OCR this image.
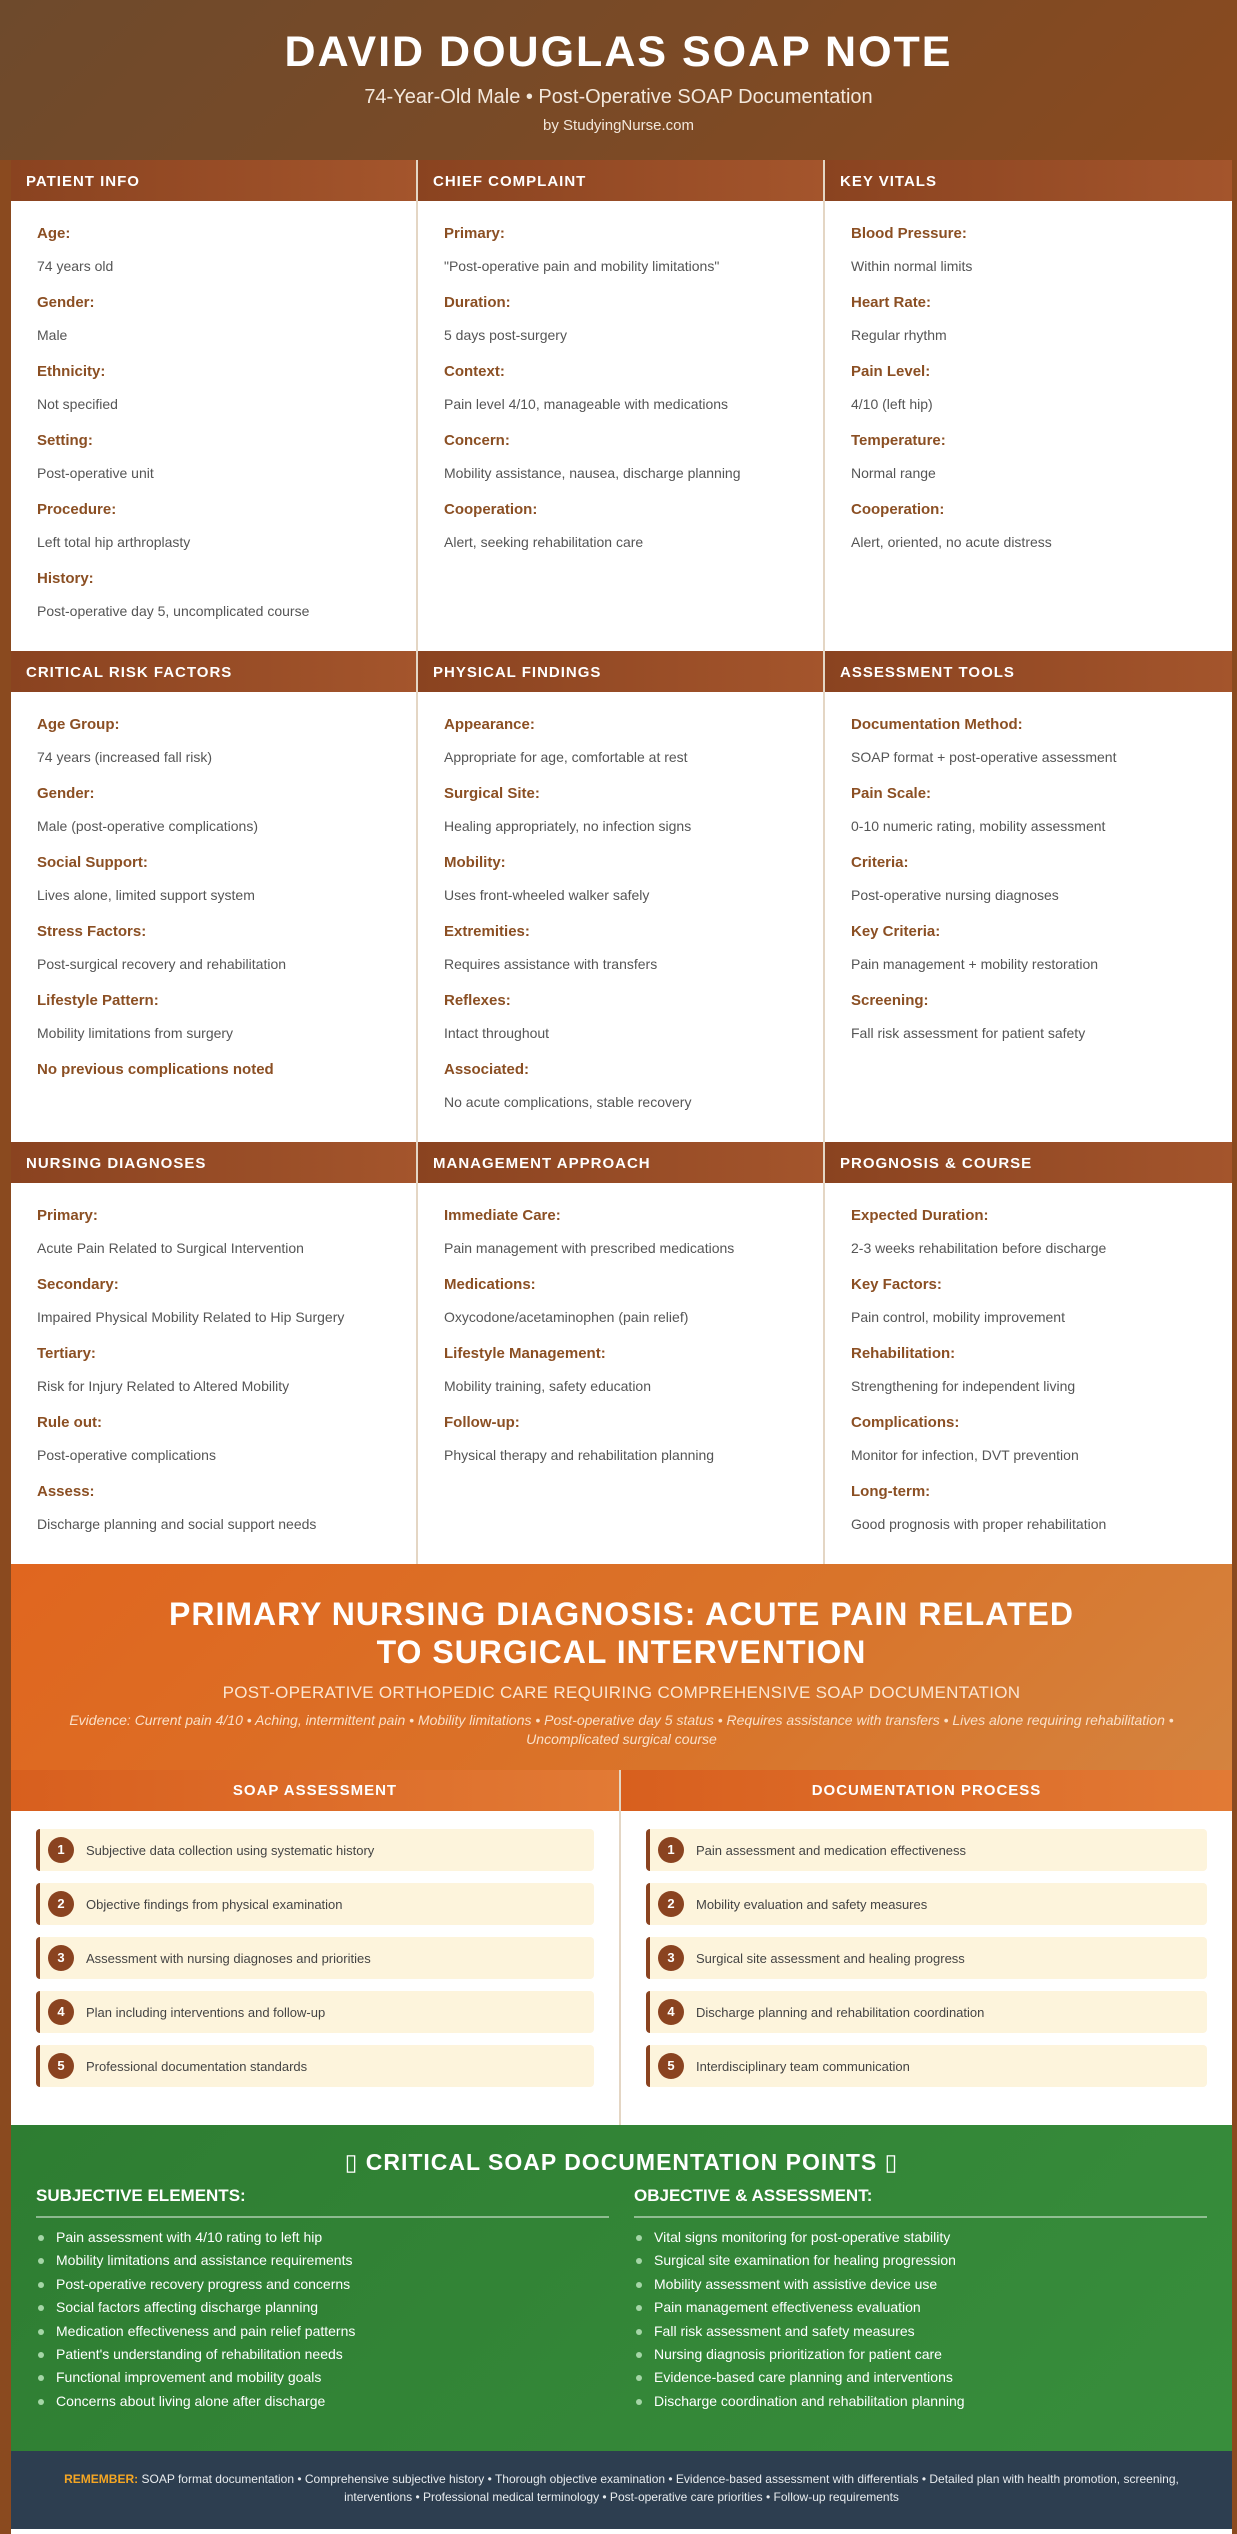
DAVID DOUGLAS SOAP NOTE
74-Year-Old Male • Post-Operative SOAP Documentation
by StudyingNurse.com
PATIENT INFO
Age:
74 years old
Gender:
Male
Ethnicity:
Not specified
Setting:
Post-operative unit
Procedure:
Left total hip arthroplasty
History:
Post-operative day 5, uncomplicated course
CHIEF COMPLAINT
Primary:
"Post-operative pain and mobility limitations"
Duration:
5 days post-surgery
Context:
Pain level 4/10, manageable with medications
Concern:
Mobility assistance, nausea, discharge planning
Cooperation:
Alert, seeking rehabilitation care
KEY VITALS
Blood Pressure:
Within normal limits
Heart Rate:
Regular rhythm
Pain Level:
4/10 (left hip)
Temperature:
Normal range
Cooperation:
Alert, oriented, no acute distress
CRITICAL RISK FACTORS
Age Group:
74 years (increased fall risk)
Gender:
Male (post-operative complications)
Social Support:
Lives alone, limited support system
Stress Factors:
Post-surgical recovery and rehabilitation
Lifestyle Pattern:
Mobility limitations from surgery
No previous complications noted
PHYSICAL FINDINGS
Appearance:
Appropriate for age, comfortable at rest
Surgical Site:
Healing appropriately, no infection signs
Mobility:
Uses front-wheeled walker safely
Extremities:
Requires assistance with transfers
Reflexes:
Intact throughout
Associated:
No acute complications, stable recovery
ASSESSMENT TOOLS
Documentation Method:
SOAP format + post-operative assessment
Pain Scale:
0-10 numeric rating, mobility assessment
Criteria:
Post-operative nursing diagnoses
Key Criteria:
Pain management + mobility restoration
Screening:
Fall risk assessment for patient safety
NURSING DIAGNOSES
Primary:
Acute Pain Related to Surgical Intervention
Secondary:
Impaired Physical Mobility Related to Hip Surgery
Tertiary:
Risk for Injury Related to Altered Mobility
Rule out:
Post-operative complications
Assess:
Discharge planning and social support needs
MANAGEMENT APPROACH
Immediate Care:
Pain management with prescribed medications
Medications:
Oxycodone/acetaminophen (pain relief)
Lifestyle Management:
Mobility training, safety education
Follow-up:
Physical therapy and rehabilitation planning
PROGNOSIS & COURSE
Expected Duration:
2-3 weeks rehabilitation before discharge
Key Factors:
Pain control, mobility improvement
Rehabilitation:
Strengthening for independent living
Complications:
Monitor for infection, DVT prevention
Long-term:
Good prognosis with proper rehabilitation
PRIMARY NURSING DIAGNOSIS: ACUTE PAIN RELATED TO SURGICAL INTERVENTION
POST-OPERATIVE ORTHOPEDIC CARE REQUIRING COMPREHENSIVE SOAP DOCUMENTATION
Evidence: Current pain 4/10 • Aching, intermittent pain • Mobility limitations • Post-operative day 5 status • Requires assistance with transfers • Lives alone requiring rehabilitation • Uncomplicated surgical course
SOAP ASSESSMENT
1	Subjective data collection using systematic history
2	Objective findings from physical examination
3	Assessment with nursing diagnoses and priorities
4	Plan including interventions and follow-up
5	Professional documentation standards
DOCUMENTATION PROCESS
1	Pain assessment and medication effectiveness
2	Mobility evaluation and safety measures
3	Surgical site assessment and healing progress
4	Discharge planning and rehabilitation coordination
5	Interdisciplinary team communication
▯ CRITICAL SOAP DOCUMENTATION POINTS ▯
SUBJECTIVE ELEMENTS:
Pain assessment with 4/10 rating to left hip
Mobility limitations and assistance requirements
Post-operative recovery progress and concerns
Social factors affecting discharge planning
Medication effectiveness and pain relief patterns
Patient's understanding of rehabilitation needs
Functional improvement and mobility goals
Concerns about living alone after discharge
OBJECTIVE & ASSESSMENT:
Vital signs monitoring for post-operative stability
Surgical site examination for healing progression
Mobility assessment with assistive device use
Pain management effectiveness evaluation
Fall risk assessment and safety measures
Nursing diagnosis prioritization for patient care
Evidence-based care planning and interventions
Discharge coordination and rehabilitation planning
REMEMBER: SOAP format documentation • Comprehensive subjective history • Thorough objective examination • Evidence-based assessment with differentials • Detailed plan with health promotion, screening, interventions • Professional medical terminology • Post-operative care priorities • Follow-up requirements
